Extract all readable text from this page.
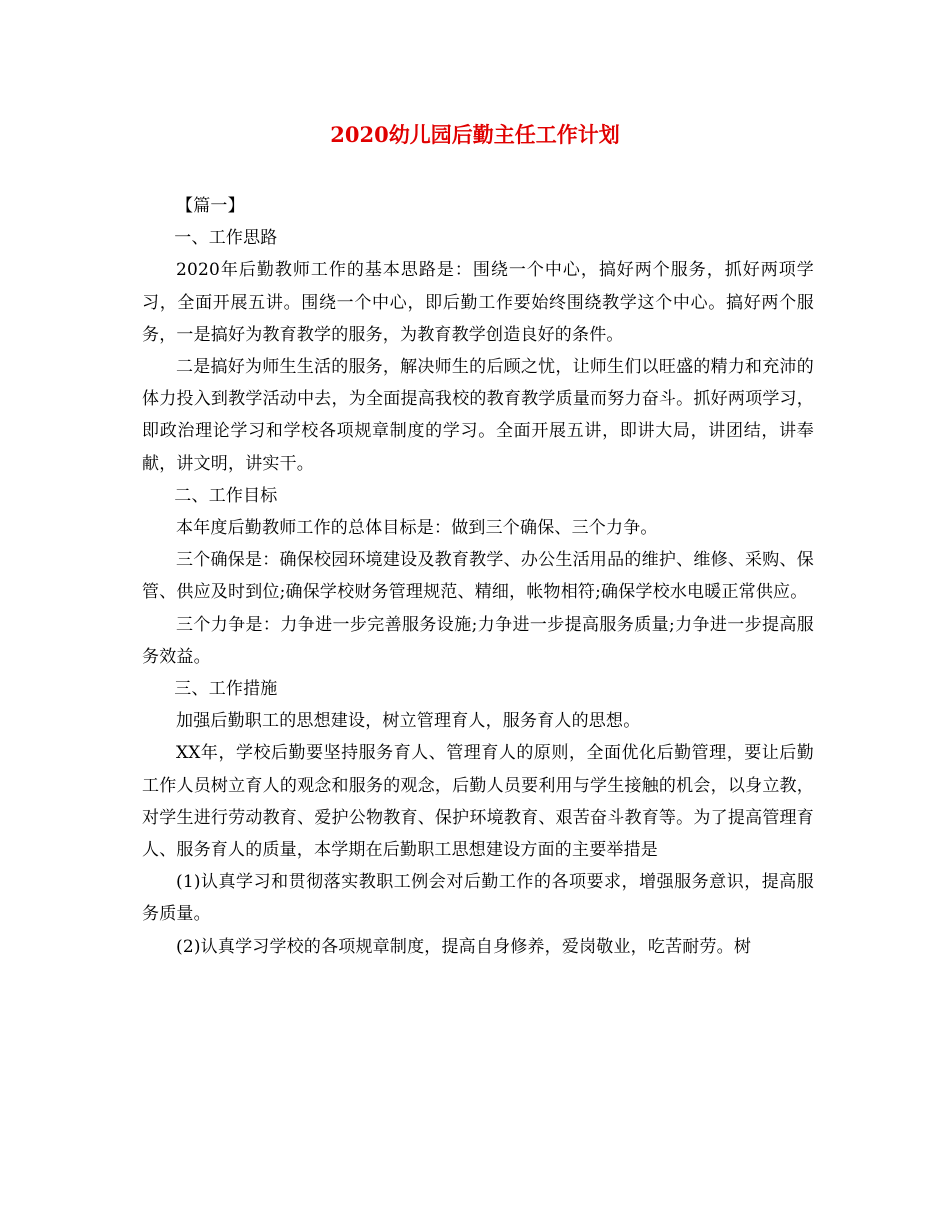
2020幼儿园后勤主任工作计划

【篇一】

一、工作思路

2020年后勤教师工作的基本思路是：围绕一个中心，搞好两个服务，抓好两项学习，全面开展五讲。围绕一个中心，即后勤工作要始终围绕教学这个中心。搞好两个服务，一是搞好为教育教学的服务，为教育教学创造良好的条件。

二是搞好为师生生活的服务，解决师生的后顾之忧，让师生们以旺盛的精力和充沛的体力投入到教学活动中去，为全面提高我校的教育教学质量而努力奋斗。抓好两项学习，即政治理论学习和学校各项规章制度的学习。全面开展五讲，即讲大局，讲团结，讲奉献，讲文明，讲实干。

二、工作目标

本年度后勤教师工作的总体目标是：做到三个确保、三个力争。

三个确保是：确保校园环境建设及教育教学、办公生活用品的维护、维修、采购、保管、供应及时到位;确保学校财务管理规范、精细，帐物相符;确保学校水电暖正常供应。

三个力争是：力争进一步完善服务设施;力争进一步提高服务质量;力争进一步提高服务效益。

三、工作措施

加强后勤职工的思想建设，树立管理育人，服务育人的思想。

XX年，学校后勤要坚持服务育人、管理育人的原则，全面优化后勤管理，要让后勤工作人员树立育人的观念和服务的观念，后勤人员要利用与学生接触的机会，以身立教，对学生进行劳动教育、爱护公物教育、保护环境教育、艰苦奋斗教育等。为了提高管理育人、服务育人的质量，本学期在后勤职工思想建设方面的主要举措是

(1)认真学习和贯彻落实教职工例会对后勤工作的各项要求，增强服务意识，提高服务质量。

(2)认真学习学校的各项规章制度，提高自身修养，爱岗敬业，吃苦耐劳。树
